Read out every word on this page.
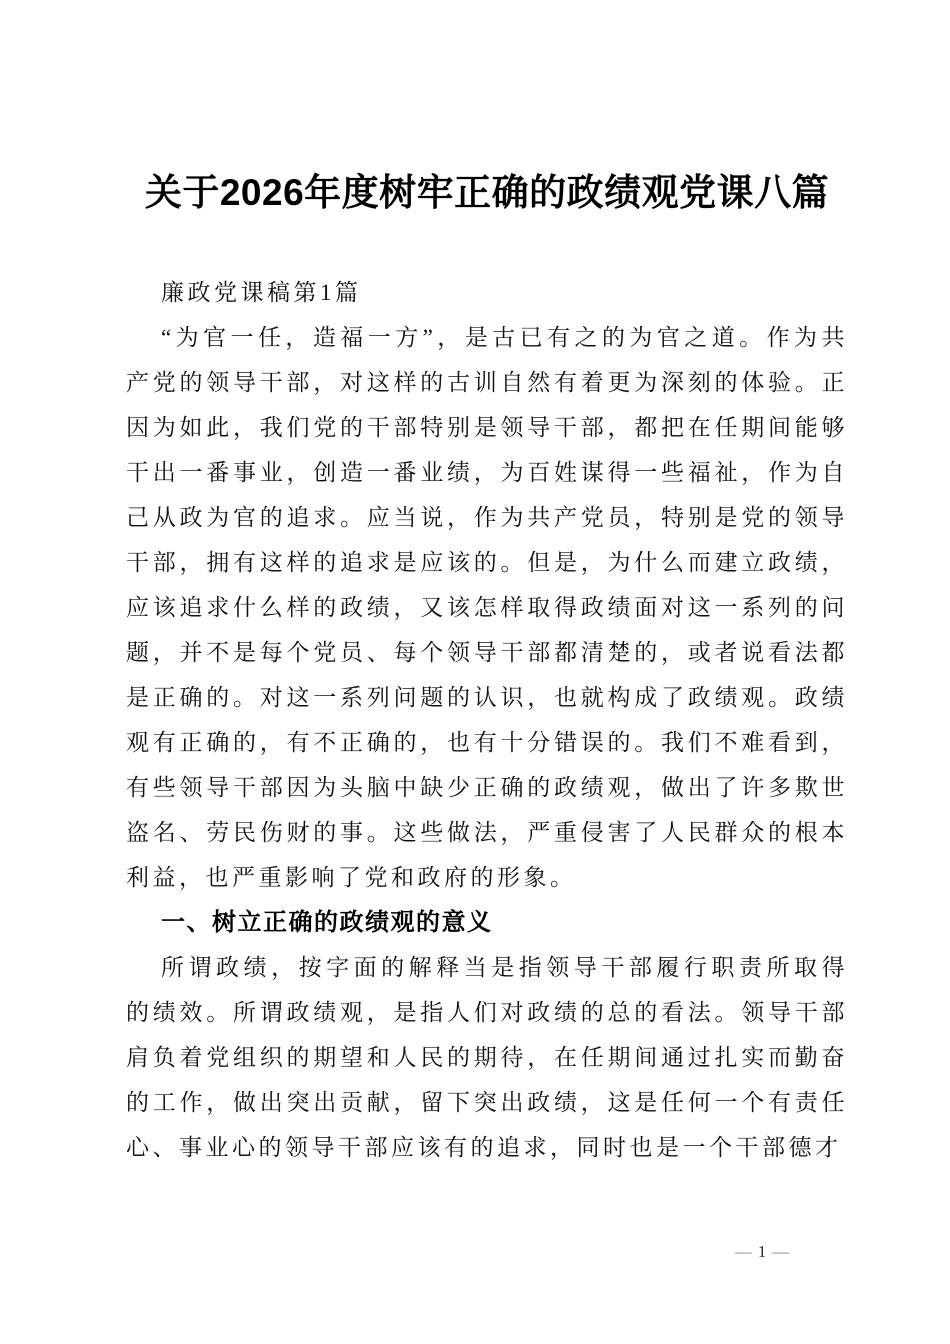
关于2026年度树牢正确的政绩观党课八篇

廉政党课稿第1篇

“为官一任，造福一方”，是古已有之的为官之道。作为共产党的领导干部，对这样的古训自然有着更为深刻的体验。正因为如此，我们党的干部特别是领导干部，都把在任期间能够干出一番事业，创造一番业绩，为百姓谋得一些福祉，作为自己从政为官的追求。应当说，作为共产党员，特别是党的领导干部，拥有这样的追求是应该的。但是，为什么而建立政绩，应该追求什么样的政绩，又该怎样取得政绩面对这一系列的问题，并不是每个党员、每个领导干部都清楚的，或者说看法都是正确的。对这一系列问题的认识，也就构成了政绩观。政绩观有正确的，有不正确的，也有十分错误的。我们不难看到，有些领导干部因为头脑中缺少正确的政绩观，做出了许多欺世盗名、劳民伤财的事。这些做法，严重侵害了人民群众的根本利益，也严重影响了党和政府的形象。

一、树立正确的政绩观的意义

所谓政绩，按字面的解释当是指领导干部履行职责所取得的绩效。所谓政绩观，是指人们对政绩的总的看法。领导干部肩负着党组织的期望和人民的期待，在任期间通过扎实而勤奋的工作，做出突出贡献，留下突出政绩，这是任何一个有责任心、事业心的领导干部应该有的追求，同时也是一个干部德才

— 1 —
